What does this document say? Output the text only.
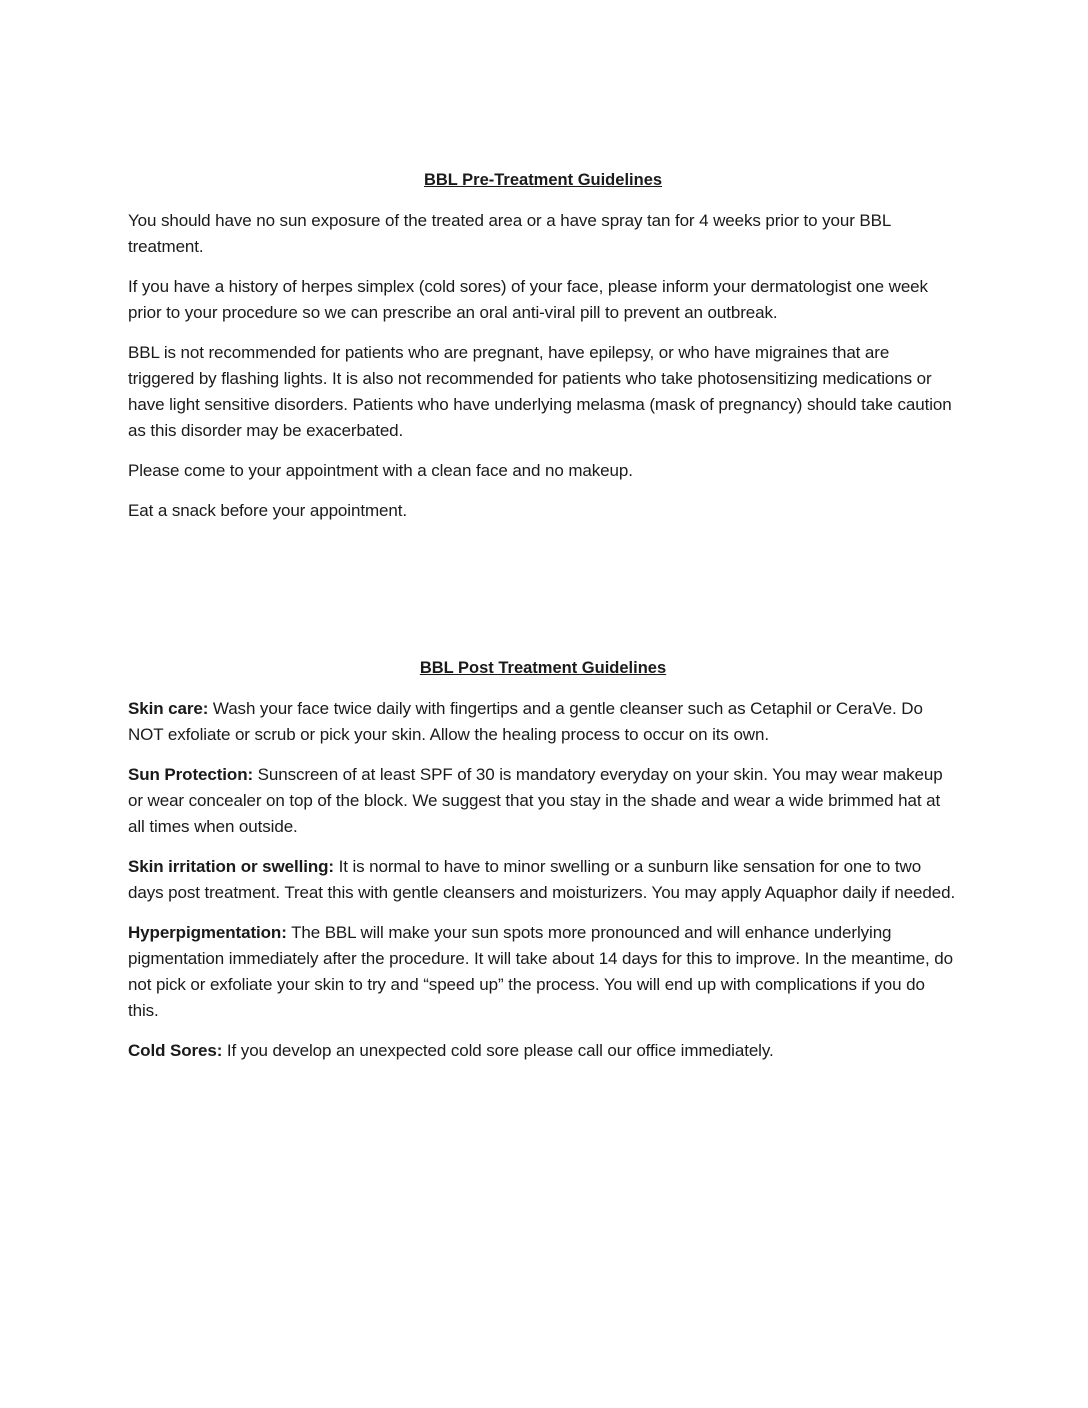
BBL Pre-Treatment Guidelines

You should have no sun exposure of the treated area or a have spray tan for 4 weeks prior to your BBL treatment.

If you have a history of herpes simplex (cold sores) of your face, please inform your dermatologist one week prior to your procedure so we can prescribe an oral anti-viral pill to prevent an outbreak.

BBL is not recommended for patients who are pregnant, have epilepsy, or who have migraines that are triggered by flashing lights. It is also not recommended for patients who take photosensitizing medications or have light sensitive disorders. Patients who have underlying melasma (mask of pregnancy) should take caution as this disorder may be exacerbated.

Please come to your appointment with a clean face and no makeup.

Eat a snack before your appointment.

BBL Post Treatment Guidelines

Skin care: Wash your face twice daily with fingertips and a gentle cleanser such as Cetaphil or CeraVe. Do NOT exfoliate or scrub or pick your skin. Allow the healing process to occur on its own.

Sun Protection: Sunscreen of at least SPF of 30 is mandatory everyday on your skin. You may wear makeup or wear concealer on top of the block. We suggest that you stay in the shade and wear a wide brimmed hat at all times when outside.

Skin irritation or swelling: It is normal to have to minor swelling or a sunburn like sensation for one to two days post treatment. Treat this with gentle cleansers and moisturizers. You may apply Aquaphor daily if needed.

Hyperpigmentation: The BBL will make your sun spots more pronounced and will enhance underlying pigmentation immediately after the procedure. It will take about 14 days for this to improve. In the meantime, do not pick or exfoliate your skin to try and “speed up” the process. You will end up with complications if you do this.

Cold Sores: If you develop an unexpected cold sore please call our office immediately.
